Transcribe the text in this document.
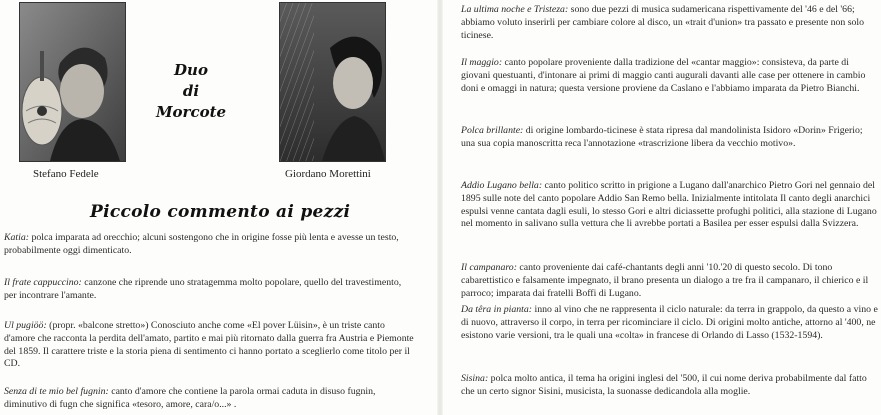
Stefano Fedele
Duo
di
Morcote
Giordano Morettini
Piccolo commento ai pezzi

Katia: polca imparata ad orecchio; alcuni sostengono che in origine fosse più lenta e avesse un testo, probabilmente oggi dimenticato.

Il frate cappuccino: canzone che riprende uno stratagemma molto popolare, quello del travestimento, per incontrare l'amante.

Ul pugiöö: (propr. «balcone stretto») Conosciuto anche come «El pover Lüisin», è un triste canto d'amore che racconta la perdita dell'amato, partito e mai più ritornato dalla guerra fra Austria e Piemonte del 1859. Il carattere triste e la storia piena di sentimento ci hanno portato a sceglierlo come titolo per il CD.

Senza di te mio bel fugnin: canto d'amore che contiene la parola ormai caduta in disuso fugnin, diminutivo di fugn che significa «tesoro, amore, cara/o...» .

La ultima noche e Tristeza: sono due pezzi di musica sudamericana rispettivamente del '46 e del '66; abbiamo voluto inserirli per cambiare colore al disco, un «trait d'union» tra passato e presente non solo ticinese.

Il maggio: canto popolare proveniente dalla tradizione del «cantar maggio»: consisteva, da parte di giovani questuanti, d'intonare ai primi di maggio canti augurali davanti alle case per ottenere in cambio doni e omaggi in natura; questa versione proviene da Caslano e l'abbiamo imparata da Pietro Bianchi.

Polca brillante: di origine lombardo-ticinese è stata ripresa dal mandolinista Isidoro «Dorin» Frigerio; una sua copia manoscritta reca l'annotazione «trascrizione libera da vecchio motivo».

Addio Lugano bella: canto politico scritto in prigione a Lugano dall'anarchico Pietro Gori nel gennaio del 1895 sulle note del canto popolare Addio San Remo bella. Inizialmente intitolata Il canto degli anarchici espulsi venne cantata dagli esuli, lo stesso Gori e altri diciassette profughi politici, alla stazione di Lugano nel momento in salivano sulla vettura che li avrebbe portati a Basilea per esser espulsi dalla Svizzera.

Il campanaro: canto proveniente dai café-chantants degli anni '10.'20 di questo secolo. Di tono cabarettistico e falsamente impegnato, il brano presenta un dialogo a tre fra il campanaro, il chierico e il parroco; imparata dai fratelli Boffi di Lugano.

Da têra in pianta: inno al vino che ne rappresenta il ciclo naturale: da terra in grappolo, da questo a vino e di nuovo, attraverso il corpo, in terra per ricominciare il ciclo. Di origini molto antiche, attorno al '400, ne esistono varie versioni, tra le quali una «colta» in francese di Orlando di Lasso (1532-1594).

Sisina: polca molto antica, il tema ha origini inglesi del '500, il cui nome deriva probabilmente dal fatto che un certo signor Sisini, musicista, la suonasse dedicandola alla moglie.
